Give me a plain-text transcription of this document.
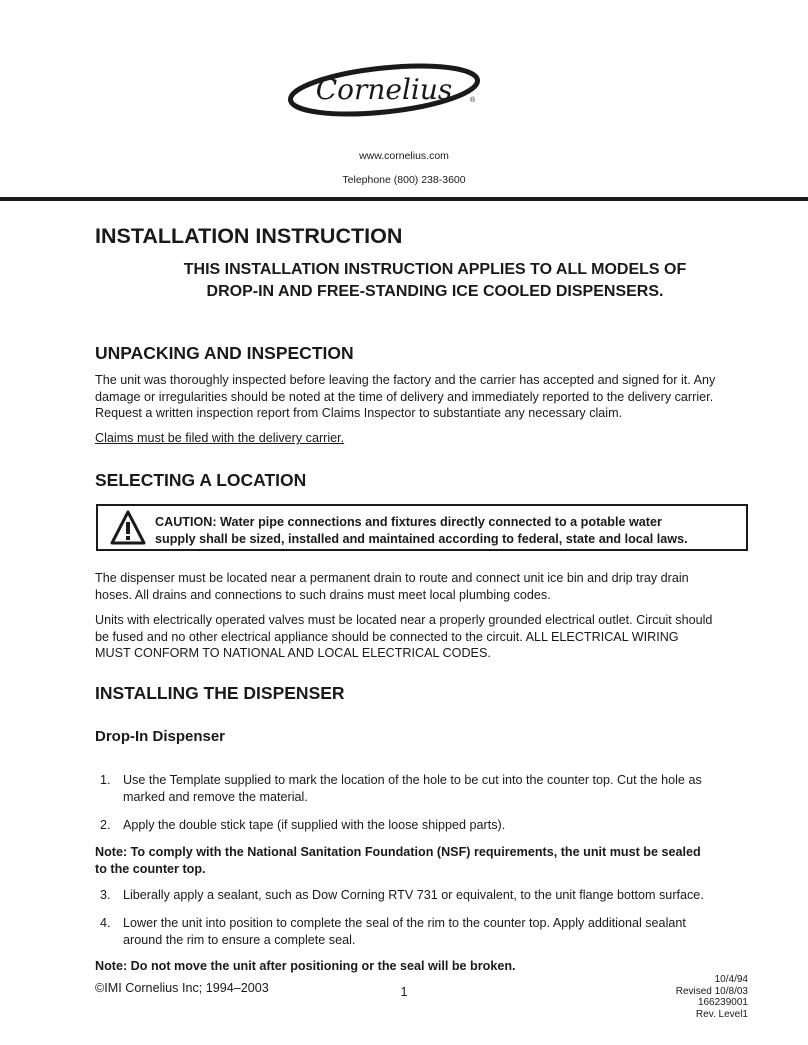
Cornelius	®
www.cornelius.com
Telephone (800) 238-3600
INSTALLATION INSTRUCTION
THIS INSTALLATION INSTRUCTION APPLIES TO ALL MODELS OF
DROP-IN AND FREE-STANDING ICE COOLED DISPENSERS.
UNPACKING AND INSPECTION

The unit was thoroughly inspected before leaving the factory and the carrier has accepted and signed for it. Any
damage or irregularities should be noted at the time of delivery and immediately reported to the delivery carrier.
Request a written inspection report from Claims Inspector to substantiate any necessary claim.

Claims must be filed with the delivery carrier.

SELECTING A LOCATION

CAUTION: Water pipe connections and fixtures directly connected to a potable water
supply shall be sized, installed and maintained according to federal, state and local laws.

The dispenser must be located near a permanent drain to route and connect unit ice bin and drip tray drain
hoses. All drains and connections to such drains must meet local plumbing codes.

Units with electrically operated valves must be located near a properly grounded electrical outlet. Circuit should
be fused and no other electrical appliance should be connected to the circuit. ALL ELECTRICAL WIRING
MUST CONFORM TO NATIONAL AND LOCAL ELECTRICAL CODES.

INSTALLING THE DISPENSER
Drop-In Dispenser
1. Use the Template supplied to mark the location of the hole to be cut into the counter top. Cut the hole as
marked and remove the material.
2. Apply the double stick tape (if supplied with the loose shipped parts).

Note: To comply with the National Sanitation Foundation (NSF) requirements, the unit must be sealed
to the counter top.

3. Liberally apply a sealant, such as Dow Corning RTV 731 or equivalent, to the unit flange bottom surface.
4. Lower the unit into position to complete the seal of the rim to the counter top. Apply additional sealant
around the rim to ensure a complete seal.

Note: Do not move the unit after positioning or the seal will be broken.

©IMI Cornelius Inc; 1994–2003	1
10/4/94
Revised 10/8/03
166239001
Rev. Level1
